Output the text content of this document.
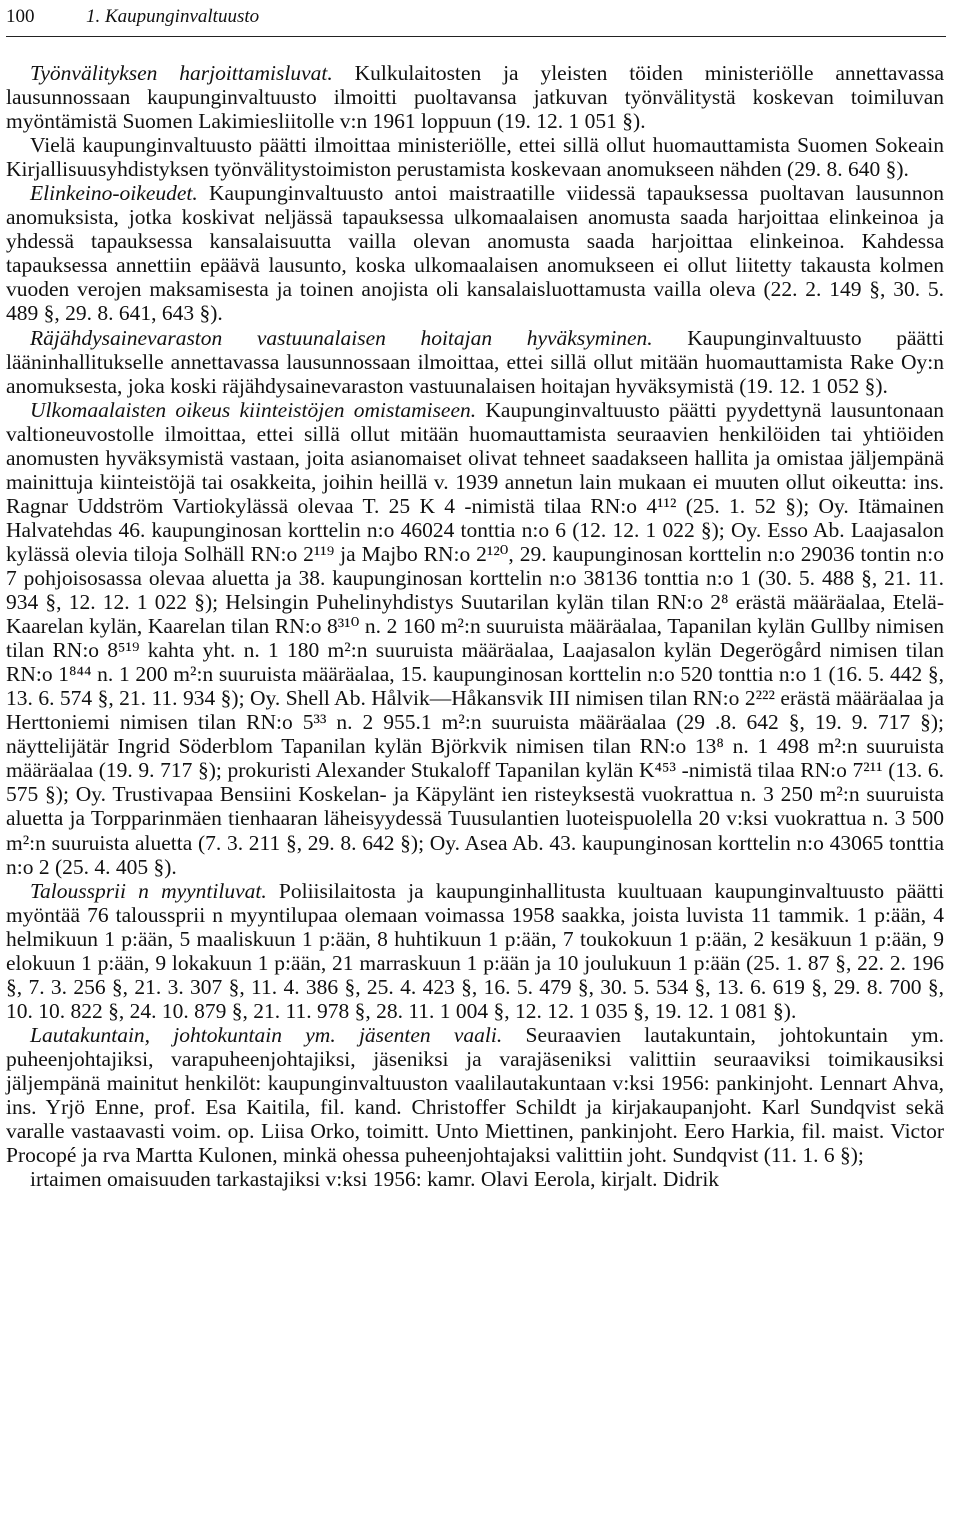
100	1. Kaupunginvaltuusto

Työnvälityksen harjoittamisluvat. Kulkulaitosten ja yleisten töiden ministeriölle annettavassa lausunnossaan kaupunginvaltuusto ilmoitti puoltavansa jatkuvan työnvälitystä koskevan toimiluvan myöntämistä Suomen Lakimiesliitolle v:n 1961 loppuun (19. 12. 1 051 §).

Vielä kaupunginvaltuusto päätti ilmoittaa ministeriölle, ettei sillä ollut huomauttamista Suomen Sokeain Kirjallisuusyhdistyksen työnvälitystoimiston perustamista koskevaan anomukseen nähden (29. 8. 640 §).

Elinkeino-oikeudet. Kaupunginvaltuusto antoi maistraatille viidessä tapauksessa puoltavan lausunnon anomuksista, jotka koskivat neljässä tapauksessa ulkomaalaisen anomusta saada harjoittaa elinkeinoa ja yhdessä tapauksessa kansalaisuutta vailla olevan anomusta saada harjoittaa elinkeinoa. Kahdessa tapauksessa annettiin epäävä lausunto, koska ulkomaalaisen anomukseen ei ollut liitetty takausta kolmen vuoden verojen maksamisesta ja toinen anojista oli kansalaisluottamusta vailla oleva (22. 2. 149 §, 30. 5. 489 §, 29. 8. 641, 643 §).

Räjähdysainevaraston vastuunalaisen hoitajan hyväksyminen. Kaupunginvaltuusto päätti lääninhallitukselle annettavassa lausunnossaan ilmoittaa, ettei sillä ollut mitään huomauttamista Rake Oy:n anomuksesta, joka koski räjähdysainevaraston vastuunalaisen hoitajan hyväksymistä (19. 12. 1 052 §).

Ulkomaalaisten oikeus kiinteistöjen omistamiseen. Kaupunginvaltuusto päätti pyydettynä lausuntonaan valtioneuvostolle ilmoittaa, ettei sillä ollut mitään huomauttamista seuraavien henkilöiden tai yhtiöiden anomusten hyväksymistä vastaan, joita asianomaiset olivat tehneet saadakseen hallita ja omistaa jäljempänä mainittuja kiinteistöjä tai osakkeita, joihin heillä v. 1939 annetun lain mukaan ei muuten ollut oikeutta: ins. Ragnar Uddström Vartiokylässä olevaa T. 25 K 4 -nimistä tilaa RN:o 4¹¹² (25. 1. 52 §); Oy. Itämainen Halvatehdas 46. kaupunginosan korttelin n:o 46024 tonttia n:o 6 (12. 12. 1 022 §); Oy. Esso Ab. Laajasalon kylässä olevia tiloja Solhäll RN:o 2¹¹⁹ ja Majbo RN:o 2¹²⁰, 29. kaupunginosan korttelin n:o 29036 tontin n:o 7 pohjoisosassa olevaa aluetta ja 38. kaupunginosan korttelin n:o 38136 tonttia n:o 1 (30. 5. 488 §, 21. 11. 934 §, 12. 12. 1 022 §); Helsingin Puhelinyhdistys Suutarilan kylän tilan RN:o 2⁸ erästä määräalaa, Etelä-Kaarelan kylän, Kaarelan tilan RN:o 8³¹⁰ n. 2 160 m²:n suuruista määräalaa, Tapanilan kylän Gullby nimisen tilan RN:o 8⁵¹⁹ kahta yht. n. 1 180 m²:n suuruista määräalaa, Laajasalon kylän Degerögård nimisen tilan RN:o 1⁸⁴⁴ n. 1 200 m²:n suuruista määräalaa, 15. kaupunginosan korttelin n:o 520 tonttia n:o 1 (16. 5. 442 §, 13. 6. 574 §, 21. 11. 934 §); Oy. Shell Ab. Hålvik—Håkansvik III nimisen tilan RN:o 2²²² erästä määräalaa ja Herttoniemi nimisen tilan RN:o 5³³ n. 2 955.1 m²:n suuruista määräalaa (29 .8. 642 §, 19. 9. 717 §); näyttelijätär Ingrid Söderblom Tapanilan kylän Björkvik nimisen tilan RN:o 13⁸ n. 1 498 m²:n suuruista määräalaa (19. 9. 717 §); prokuristi Alexander Stukaloff Tapanilan kylän K⁴⁵³ -nimistä tilaa RN:o 7²¹¹ (13. 6. 575 §); Oy. Trustivapaa Bensiini Koskelan- ja Käpylänt ien risteyksestä vuokrattua n. 3 250 m²:n suuruista aluetta ja Torpparinmäen tienhaaran läheisyydessä Tuusulantien luoteispuolella 20 v:ksi vuokrattua n. 3 500 m²:n suuruista aluetta (7. 3. 211 §, 29. 8. 642 §); Oy. Asea Ab. 43. kaupunginosan korttelin n:o 43065 tonttia n:o 2 (25. 4. 405 §).

Taloussprii n myyntiluvat. Poliisilaitosta ja kaupunginhallitusta kuultuaan kaupunginvaltuusto päätti myöntää 76 taloussprii n myyntilupaa olemaan voimassa 1958 saakka, joista luvista 11 tammik. 1 p:ään, 4 helmikuun 1 p:ään, 5 maaliskuun 1 p:ään, 8 huhtikuun 1 p:ään, 7 toukokuun 1 p:ään, 2 kesäkuun 1 p:ään, 9 elokuun 1 p:ään, 9 lokakuun 1 p:ään, 21 marraskuun 1 p:ään ja 10 joulukuun 1 p:ään (25. 1. 87 §, 22. 2. 196 §, 7. 3. 256 §, 21. 3. 307 §, 11. 4. 386 §, 25. 4. 423 §, 16. 5. 479 §, 30. 5. 534 §, 13. 6. 619 §, 29. 8. 700 §, 10. 10. 822 §, 24. 10. 879 §, 21. 11. 978 §, 28. 11. 1 004 §, 12. 12. 1 035 §, 19. 12. 1 081 §).

Lautakuntain, johtokuntain ym. jäsenten vaali. Seuraavien lautakuntain, johtokuntain ym. puheenjohtajiksi, varapuheenjohtajiksi, jäseniksi ja varajäseniksi valittiin seuraaviksi toimikausiksi jäljempänä mainitut henkilöt: kaupunginvaltuuston vaalilautakuntaan v:ksi 1956: pankinjoht. Lennart Ahva, ins. Yrjö Enne, prof. Esa Kaitila, fil. kand. Christoffer Schildt ja kirjakaupanjoht. Karl Sundqvist sekä varalle vastaavasti voim. op. Liisa Orko, toimitt. Unto Miettinen, pankinjoht. Eero Harkia, fil. maist. Victor Procopé ja rva Martta Kulonen, minkä ohessa puheenjohtajaksi valittiin joht. Sundqvist (11. 1. 6 §);

irtaimen omaisuuden tarkastajiksi v:ksi 1956: kamr. Olavi Eerola, kirjalt. Didrik
